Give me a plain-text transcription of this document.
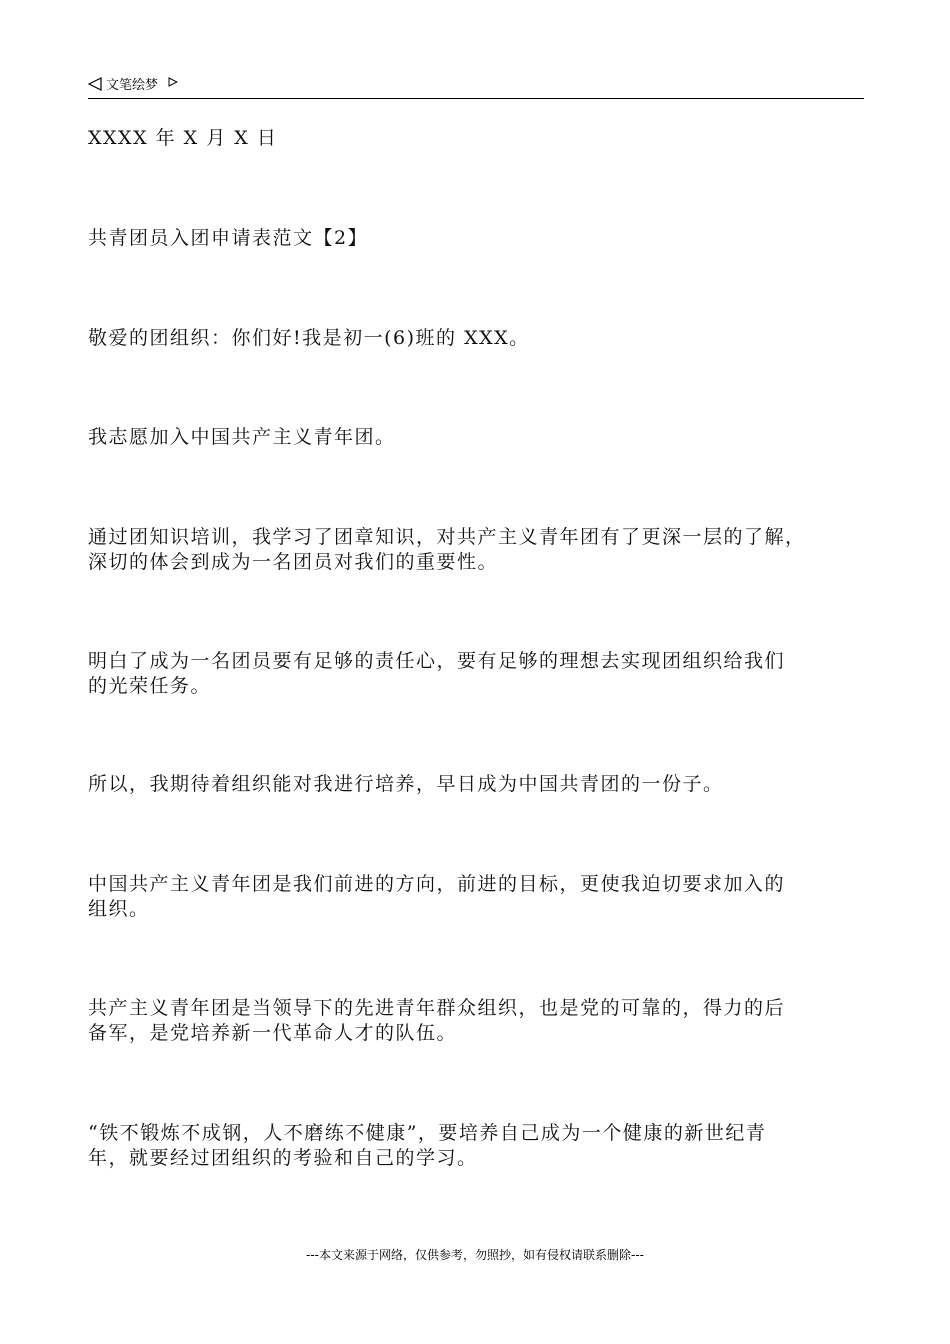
文笔绘梦
XXXX 年 X 月 X 日
共青团员入团申请表范文【2】
敬爱的团组织：你们好!我是初一(6)班的 XXX。
我志愿加入中国共产主义青年团。
通过团知识培训，我学习了团章知识，对共产主义青年团有了更深一层的了解，
深切的体会到成为一名团员对我们的重要性。
明白了成为一名团员要有足够的责任心，要有足够的理想去实现团组织给我们
的光荣任务。
所以，我期待着组织能对我进行培养，早日成为中国共青团的一份子。
中国共产主义青年团是我们前进的方向，前进的目标，更使我迫切要求加入的
组织。
共产主义青年团是当领导下的先进青年群众组织，也是党的可靠的，得力的后
备军，是党培养新一代革命人才的队伍。
“铁不锻炼不成钢，人不磨练不健康”，要培养自己成为一个健康的新世纪青
年，就要经过团组织的考验和自己的学习。
---本文来源于网络，仅供参考，勿照抄，如有侵权请联系删除---
